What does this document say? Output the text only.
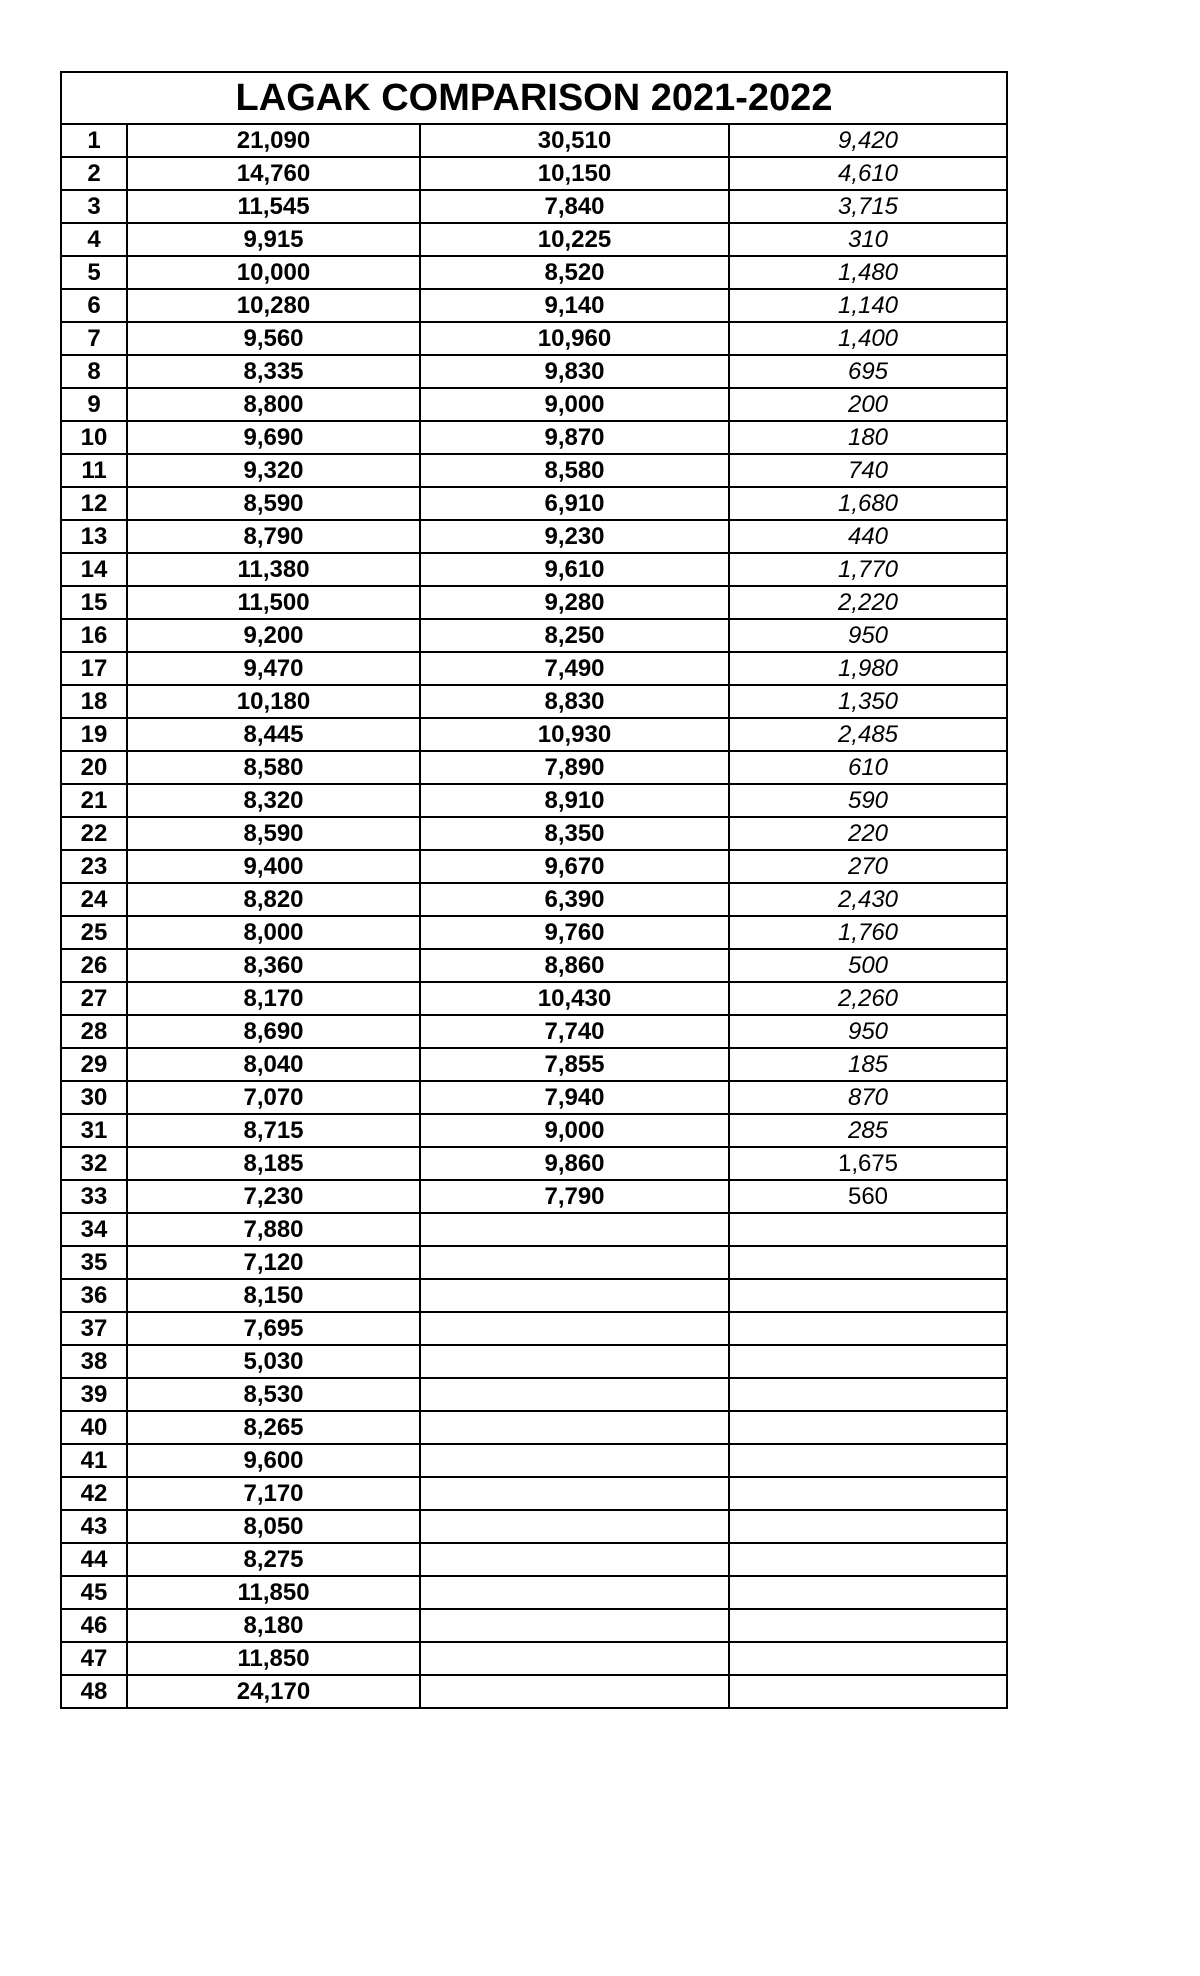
LAGAK COMPARISON 2021-2022			
1	21,090	30,510	9,420
2	14,760	10,150	4,610
3	11,545	7,840	3,715
4	9,915	10,225	310
5	10,000	8,520	1,480
6	10,280	9,140	1,140
7	9,560	10,960	1,400
8	8,335	9,830	695
9	8,800	9,000	200
10	9,690	9,870	180
11	9,320	8,580	740
12	8,590	6,910	1,680
13	8,790	9,230	440
14	11,380	9,610	1,770
15	11,500	9,280	2,220
16	9,200	8,250	950
17	9,470	7,490	1,980
18	10,180	8,830	1,350
19	8,445	10,930	2,485
20	8,580	7,890	610
21	8,320	8,910	590
22	8,590	8,350	220
23	9,400	9,670	270
24	8,820	6,390	2,430
25	8,000	9,760	1,760
26	8,360	8,860	500
27	8,170	10,430	2,260
28	8,690	7,740	950
29	8,040	7,855	185
30	7,070	7,940	870
31	8,715	9,000	285
32	8,185	9,860	1,675
33	7,230	7,790	560
34	7,880		
35	7,120		
36	8,150		
37	7,695		
38	5,030		
39	8,530		
40	8,265		
41	9,600		
42	7,170		
43	8,050		
44	8,275		
45	11,850		
46	8,180		
47	11,850		
48	24,170		
